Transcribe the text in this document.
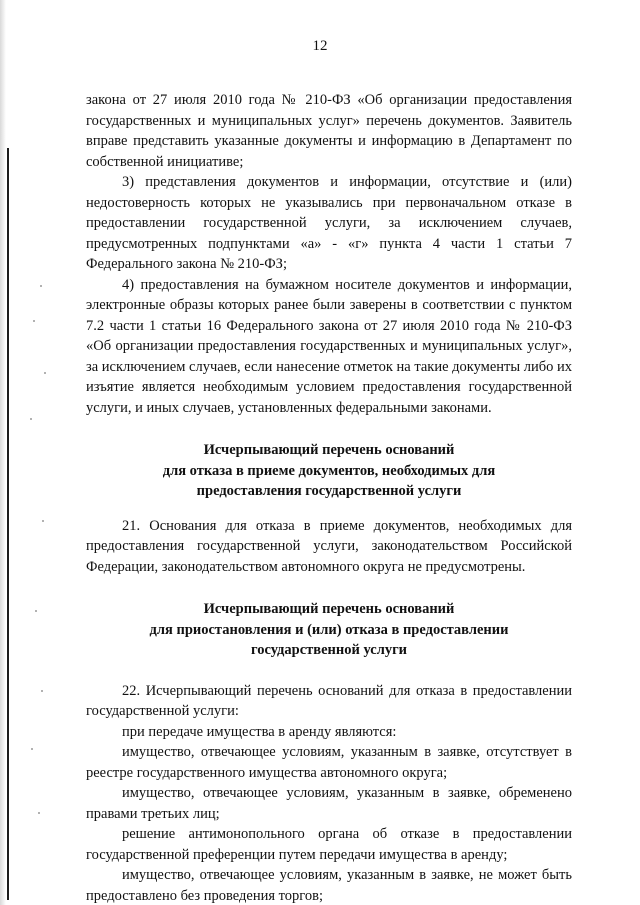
12

закона от 27 июля 2010 года № 210-ФЗ «Об организации предоставления государственных и муниципальных услуг» перечень документов. Заявитель вправе представить указанные документы и информацию в Департамент по собственной инициативе;

3) представления документов и информации, отсутствие и (или) недостоверность которых не указывались при первоначальном отказе в предоставлении государственной услуги, за исключением случаев, предусмотренных подпунктами «а» - «г» пункта 4 части 1 статьи 7 Федерального закона № 210-ФЗ;

4) предоставления на бумажном носителе документов и информации, электронные образы которых ранее были заверены в соответствии с пунктом 7.2 части 1 статьи 16 Федерального закона от 27 июля 2010 года № 210-ФЗ «Об организации предоставления государственных и муниципальных услуг», за исключением случаев, если нанесение отметок на такие документы либо их изъятие является необходимым условием предоставления государственной услуги, и иных случаев, установленных федеральными законами.

Исчерпывающий перечень оснований
для отказа в приеме документов, необходимых для
предоставления государственной услуги

21. Основания для отказа в приеме документов, необходимых для предоставления государственной услуги, законодательством Российской Федерации, законодательством автономного округа не предусмотрены.

Исчерпывающий перечень оснований
для приостановления и (или) отказа в предоставлении
государственной услуги

22. Исчерпывающий перечень оснований для отказа в предоставлении государственной услуги:

при передаче имущества в аренду являются:

имущество, отвечающее условиям, указанным в заявке, отсутствует в реестре государственного имущества автономного округа;

имущество, отвечающее условиям, указанным в заявке, обременено правами третьих лиц;

решение антимонопольного органа об отказе в предоставлении государственной преференции путем передачи имущества в аренду;

имущество, отвечающее условиям, указанным в заявке, не может быть предоставлено без проведения торгов;
